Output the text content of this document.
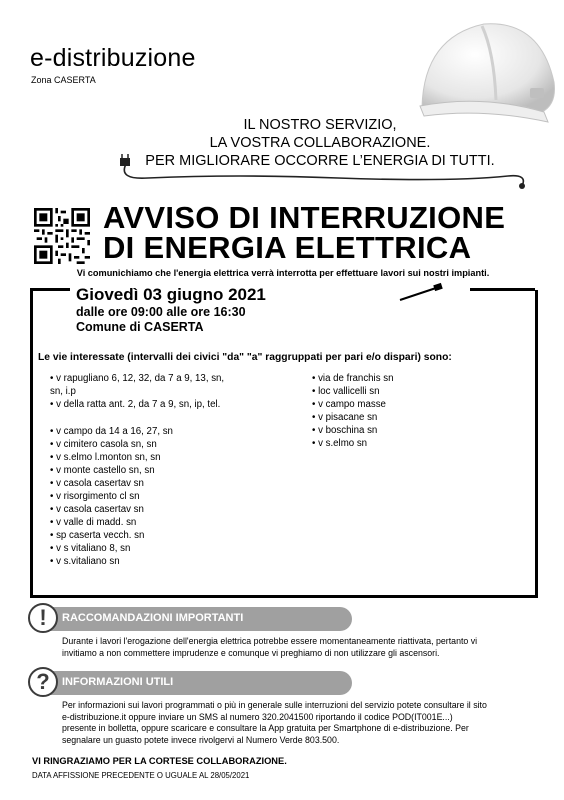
e-distribuzione
Zona CASERTA
IL NOSTRO SERVIZIO,
LA VOSTRA COLLABORAZIONE.
PER MIGLIORARE OCCORRE L’ENERGIA DI TUTTI.
AVVISO DI INTERRUZIONE
DI ENERGIA ELETTRICA
Vi comunichiamo che l'energia elettrica verrà interrotta per effettuare lavori sui nostri impianti.
Giovedì 03 giugno 2021
dalle ore 09:00 alle ore 16:30
Comune di CASERTA
Le vie interessate (intervalli dei civici "da" "a" raggruppati per pari e/o dispari) sono:
• v rapugliano 6, 12, 32, da 7 a 9, 13, sn,
sn, i.p
• v della ratta ant. 2, da 7 a 9, sn, ip, tel.
• v campo da 14 a 16, 27, sn
• v cimitero casola sn, sn
• v s.elmo l.monton sn, sn
• v monte castello sn, sn
• v casola casertav sn
• v risorgimento cl sn
• v casola casertav sn
• v valle di madd. sn
• sp caserta vecch. sn
• v s vitaliano 8, sn
• v s.vitaliano sn
• via de franchis sn
• loc vallicelli sn
• v campo masse
• v pisacane sn
• v boschina sn
• v s.elmo sn
RACCOMANDAZIONI IMPORTANTI
!
Durante i lavori l'erogazione dell'energia elettrica potrebbe essere momentaneamente riattivata, pertanto vi
invitiamo a non commettere imprudenze e comunque vi preghiamo di non utilizzare gli ascensori.
INFORMAZIONI UTILI
?
Per informazioni sui lavori programmati o più in generale sulle interruzioni del servizio potete consultare il sito
e-distribuzione.it oppure inviare un SMS al numero 320.2041500 riportando il codice POD(IT001E...)
presente in bolletta, oppure scaricare e consultare la App gratuita per Smartphone di e-distribuzione. Per
segnalare un guasto potete invece rivolgervi al Numero Verde 803.500.
VI RINGRAZIAMO PER LA CORTESE COLLABORAZIONE.
DATA AFFISSIONE PRECEDENTE O UGUALE AL 28/05/2021
